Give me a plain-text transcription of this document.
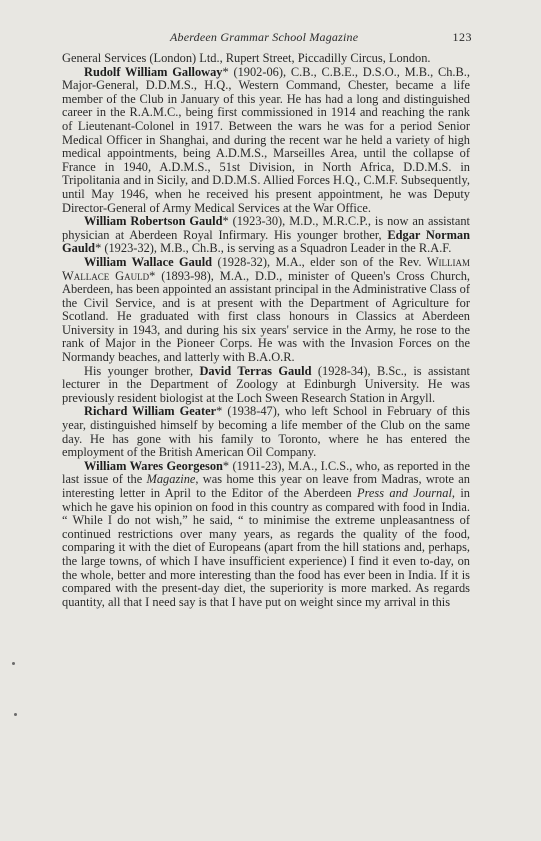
Aberdeen Grammar School Magazine	123

General Services (London) Ltd., Rupert Street, Piccadilly Circus, London.

Rudolf William Galloway* (1902-06), C.B., C.B.E., D.S.O., M.B., Ch.B., Major-General, D.D.M.S., H.Q., Western Command, Chester, became a life member of the Club in January of this year. He has had a long and distinguished career in the R.A.M.C., being first commissioned in 1914 and reaching the rank of Lieutenant-Colonel in 1917. Between the wars he was for a period Senior Medical Officer in Shanghai, and during the recent war he held a variety of high medical appointments, being A.D.M.S., Marseilles Area, until the collapse of France in 1940, A.D.M.S., 51st Division, in North Africa, D.D.M.S. in Tripolitania and in Sicily, and D.D.M.S. Allied Forces H.Q., C.M.F. Subsequently, until May 1946, when he received his present appointment, he was Deputy Director-General of Army Medical Services at the War Office.

William Robertson Gauld* (1923-30), M.D., M.R.C.P., is now an assistant physician at Aberdeen Royal Infirmary. His younger brother, Edgar Norman Gauld* (1923-32), M.B., Ch.B., is serving as a Squadron Leader in the R.A.F.

William Wallace Gauld (1928-32), M.A., elder son of the Rev. William Wallace Gauld* (1893-98), M.A., D.D., minister of Queen's Cross Church, Aberdeen, has been appointed an assistant principal in the Administrative Class of the Civil Service, and is at present with the Department of Agriculture for Scotland. He graduated with first class honours in Classics at Aberdeen University in 1943, and during his six years' service in the Army, he rose to the rank of Major in the Pioneer Corps. He was with the Invasion Forces on the Normandy beaches, and latterly with B.A.O.R.

His younger brother, David Terras Gauld (1928-34), B.Sc., is assistant lecturer in the Department of Zoology at Edinburgh University. He was previously resident biologist at the Loch Sween Research Station in Argyll.

Richard William Geater* (1938-47), who left School in February of this year, distinguished himself by becoming a life member of the Club on the same day. He has gone with his family to Toronto, where he has entered the employment of the British American Oil Company.

William Wares Georgeson* (1911-23), M.A., I.C.S., who, as reported in the last issue of the Magazine, was home this year on leave from Madras, wrote an interesting letter in April to the Editor of the Aberdeen Press and Journal, in which he gave his opinion on food in this country as compared with food in India. “ While I do not wish,” he said, “ to minimise the extreme unpleasantness of continued restrictions over many years, as regards the quality of the food, comparing it with the diet of Europeans (apart from the hill stations and, perhaps, the large towns, of which I have insufficient experience) I find it even to-day, on the whole, better and more interesting than the food has ever been in India. If it is compared with the present-day diet, the superiority is more marked. As regards quantity, all that I need say is that I have put on weight since my arrival in this
